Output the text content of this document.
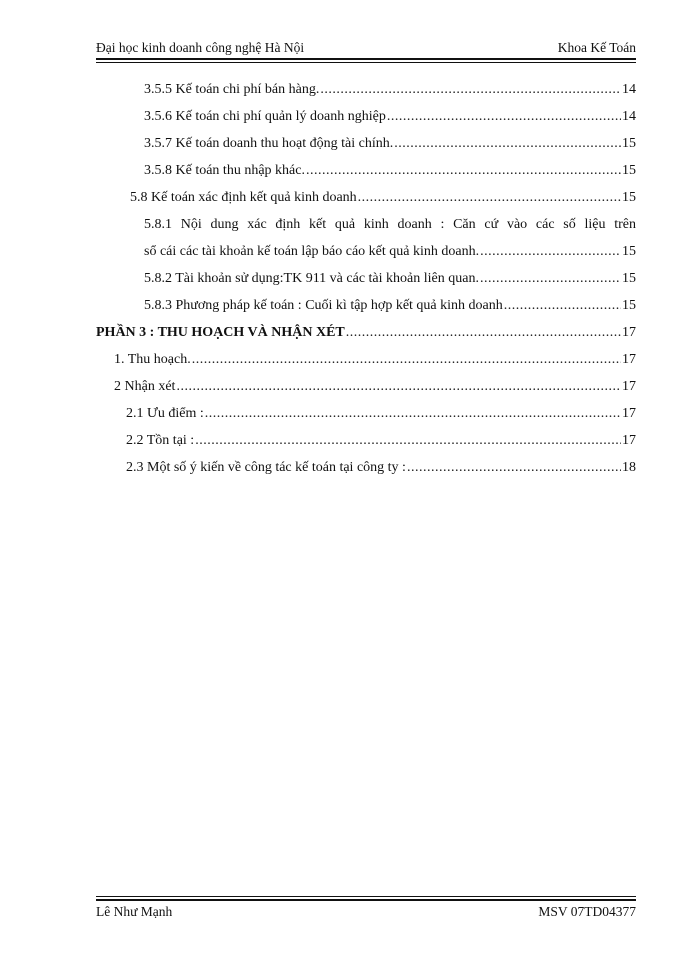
Đại học kinh doanh công nghệ Hà Nội	Khoa Kế Toán
3.5.5 Kế toán chi phí bán hàng. .....	14
3.5.6 Kế toán chi phí quản lý doanh nghiệp .....	14
3.5.7 Kế toán doanh thu hoạt động tài chính. .....	15
3.5.8 Kế toán thu nhập khác. .....	15
5.8 Kế toán xác định kết quả kinh doanh .....	15
5.8.1 Nội dung xác định kết quả kinh doanh : Căn cứ vào các số liệu trên
sổ cái các tài khoản kế toán lập báo cáo kết quả kinh doanh. .....	15
5.8.2 Tài khoản sử dụng:TK 911 và các tài khoản liên quan. .....	15
5.8.3 Phương pháp kế toán : Cuối kì tập hợp kết quả kinh doanh .....	15
PHẦN 3 : THU HOẠCH VÀ NHẬN XÉT .....	17
1. Thu hoạch. .....	17
2 Nhận xét .....	17
2.1 Ưu điểm : .....	17
2.2 Tồn tại : .....	17
2.3 Một số ý kiến về công tác kế toán tại công ty : .....	18
Lê Như Mạnh	MSV 07TD04377
